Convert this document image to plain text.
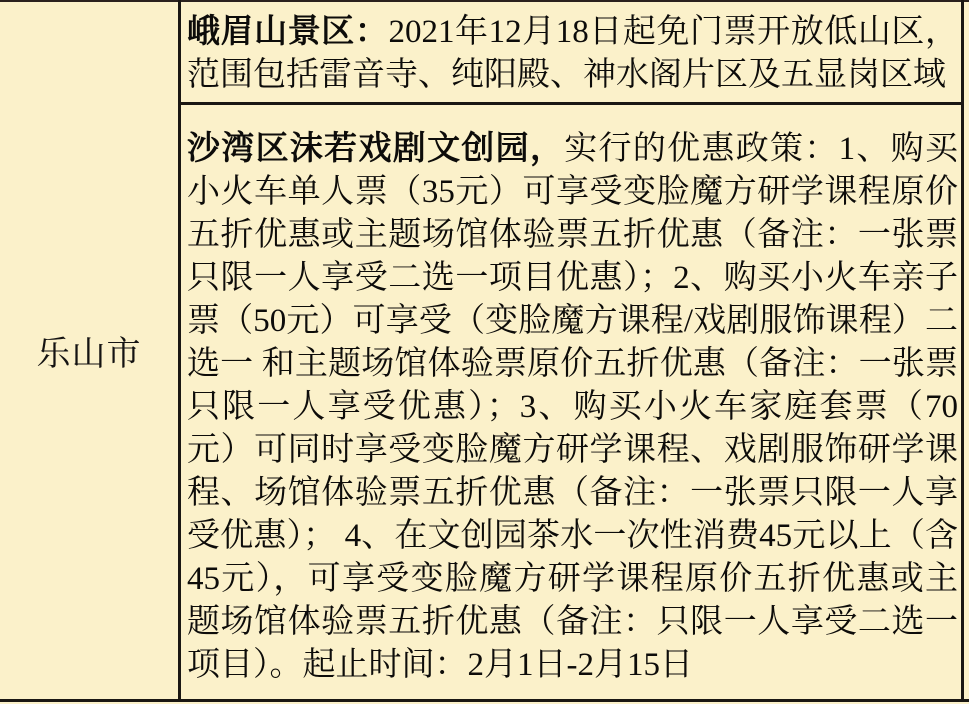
乐山市
峨眉山景区：2021年12月18日起免门票开放低山区，范围包括雷音寺、纯阳殿、神水阁片区及五显岗区域
沙湾区沫若戏剧文创园，实行的优惠政策：1、购买小火车单人票（35元）可享受变脸魔方研学课程原价五折优惠或主题场馆体验票五折优惠（备注：一张票只限一人享受二选一项目优惠）；2、购买小火车亲子票（50元）可享受（变脸魔方课程/戏剧服饰课程）二选一 和主题场馆体验票原价五折优惠（备注：一张票只限一人享受优惠）；3、购买小火车家庭套票（70元）可同时享受变脸魔方研学课程、戏剧服饰研学课程、场馆体验票五折优惠（备注：一张票只限一人享受优惠）； 4、在文创园茶水一次性消费45元以上（含45元），可享受变脸魔方研学课程原价五折优惠或主题场馆体验票五折优惠（备注：只限一人享受二选一项目）。起止时间：2月1日-2月15日
